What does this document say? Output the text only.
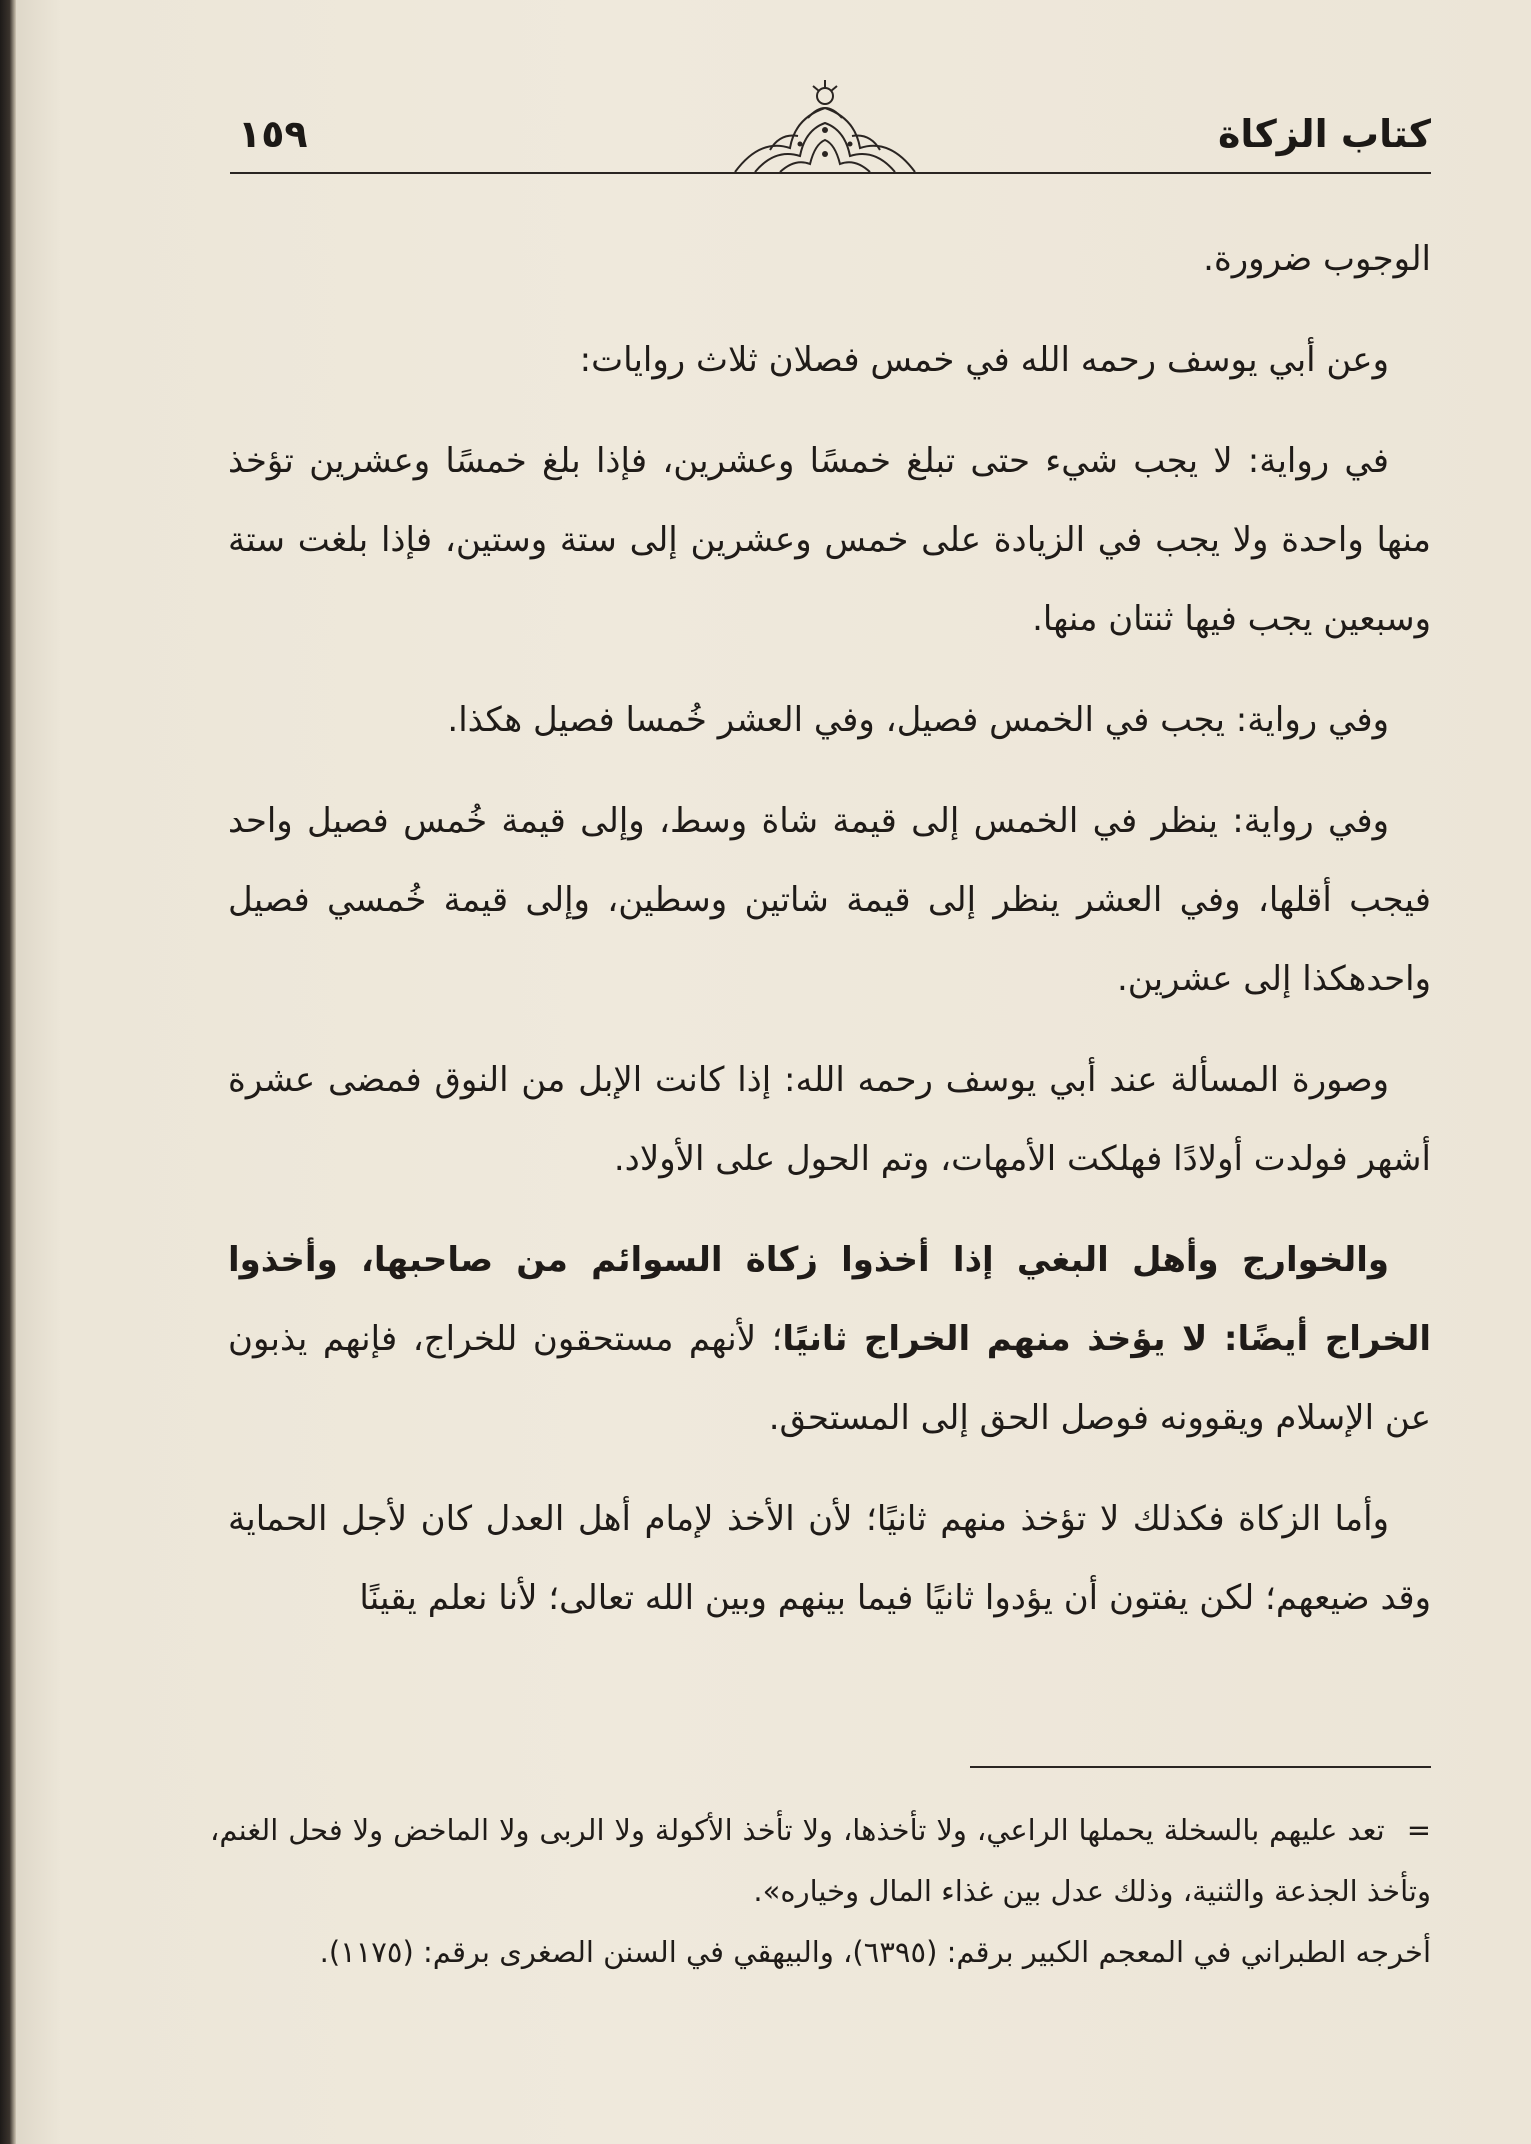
كتاب الزكاة
١٥٩

الوجوب ضرورة.

وعن أبي يوسف رحمه الله في خمس فصلان ثلاث روايات:

في رواية: لا يجب شيء حتى تبلغ خمسًا وعشرين، فإذا بلغ خمسًا وعشرين تؤخذ منها واحدة ولا يجب في الزيادة على خمس وعشرين إلى ستة وستين، فإذا بلغت ستة وسبعين يجب فيها ثنتان منها.

وفي رواية: يجب في الخمس فصيل، وفي العشر خُمسا فصيل هكذا.

وفي رواية: ينظر في الخمس إلى قيمة شاة وسط، وإلى قيمة خُمس فصيل واحد فيجب أقلها، وفي العشر ينظر إلى قيمة شاتين وسطين، وإلى قيمة خُمسي فصيل واحدهكذا إلى عشرين.

وصورة المسألة عند أبي يوسف رحمه الله: إذا كانت الإبل من النوق فمضى عشرة أشهر فولدت أولادًا فهلكت الأمهات، وتم الحول على الأولاد.

والخوارج وأهل البغي إذا أخذوا زكاة السوائم من صاحبها، وأخذوا الخراج أيضًا: لا يؤخذ منهم الخراج ثانيًا؛ لأنهم مستحقون للخراج، فإنهم يذبون عن الإسلام ويقوونه فوصل الحق إلى المستحق.

وأما الزكاة فكذلك لا تؤخذ منهم ثانيًا؛ لأن الأخذ لإمام أهل العدل كان لأجل الحماية وقد ضيعهم؛ لكن يفتون أن يؤدوا ثانيًا فيما بينهم وبين الله تعالى؛ لأنا نعلم يقينًا

=تعد عليهم بالسخلة يحملها الراعي، ولا تأخذها، ولا تأخذ الأكولة ولا الربى ولا الماخض ولا فحل الغنم، وتأخذ الجذعة والثنية، وذلك عدل بين غذاء المال وخياره».

أخرجه الطبراني في المعجم الكبير برقم: (٦٣٩٥)، والبيهقي في السنن الصغرى برقم: (١١٧٥).
